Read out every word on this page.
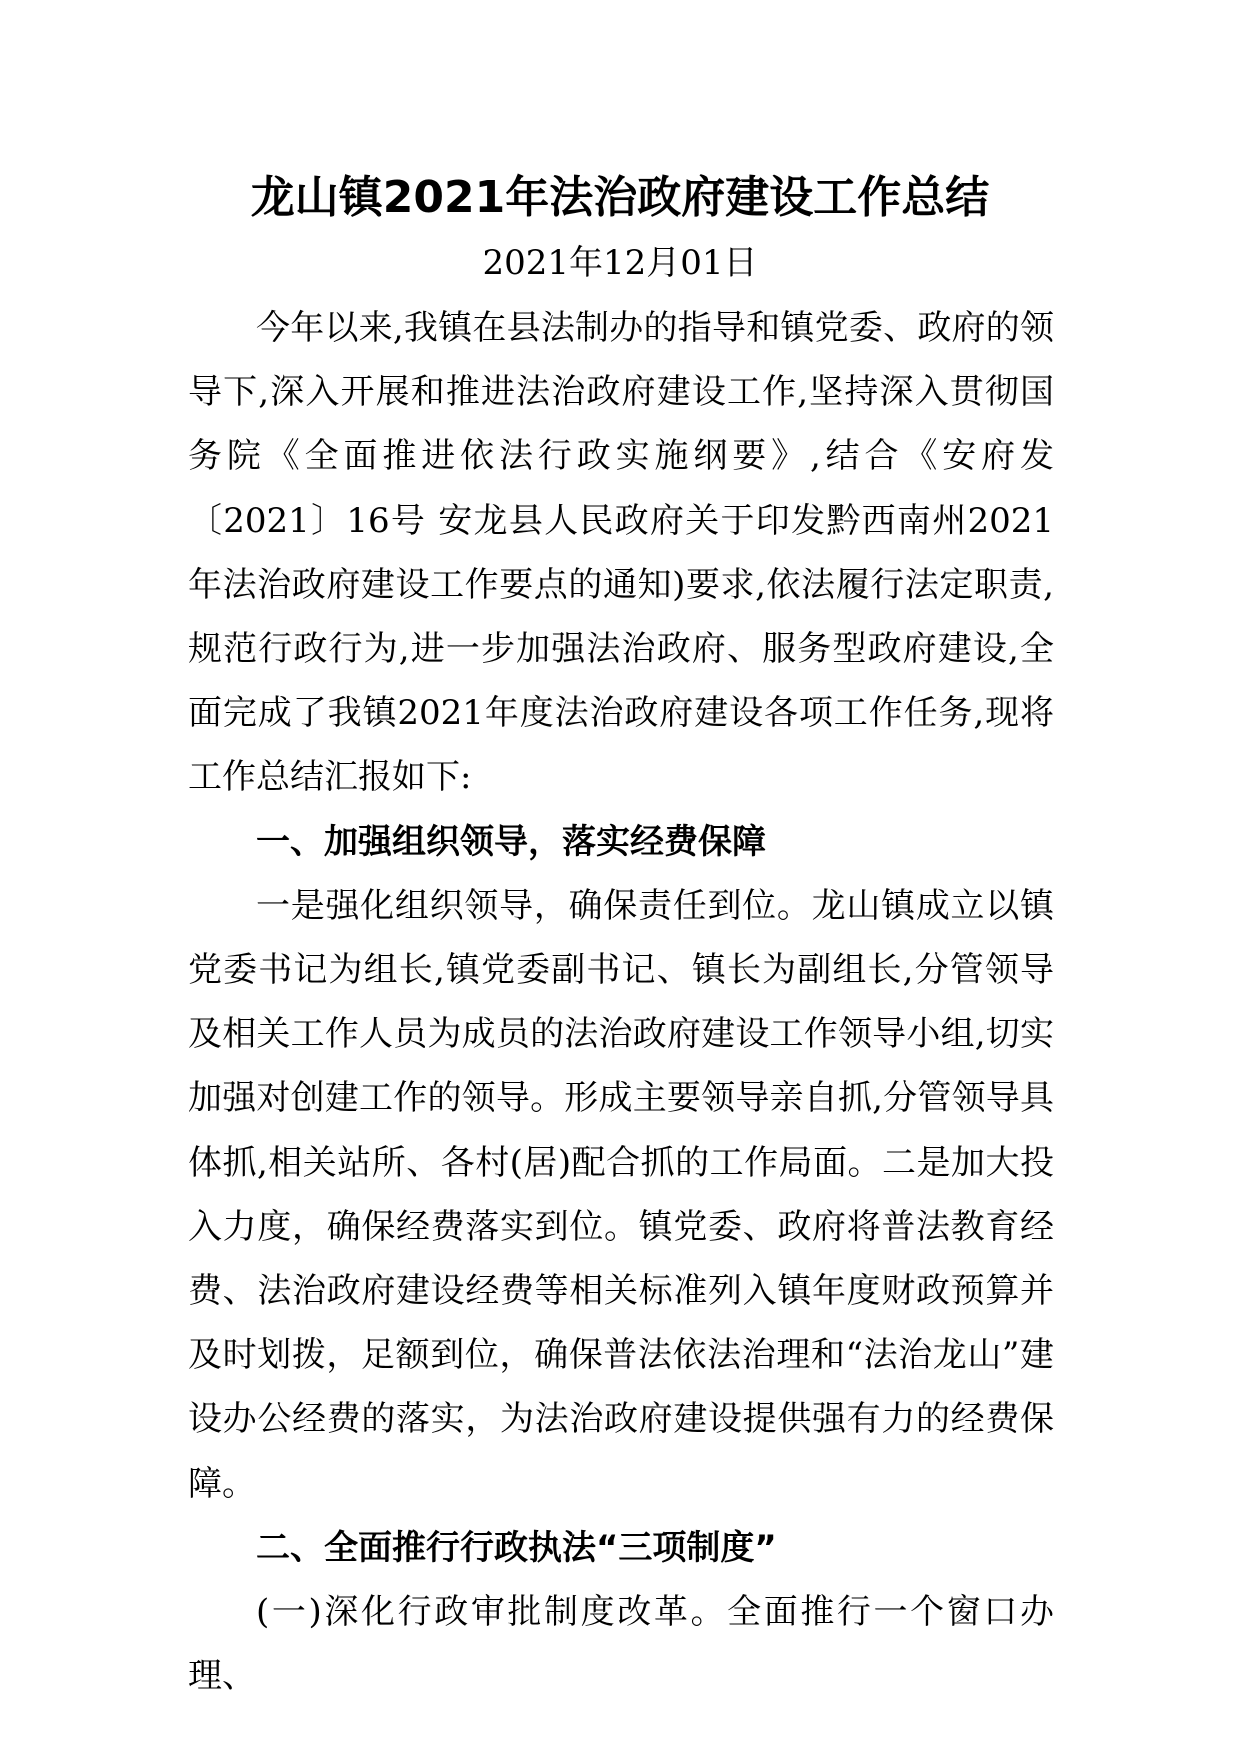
龙山镇2021年法治政府建设工作总结
2021年12月01日

今年以来,我镇在县法制办的指导和镇党委、政府的领导下,深入开展和推进法治政府建设工作,坚持深入贯彻国务院《全面推进依法行政实施纲要》,结合《安府发〔2021〕16号 安龙县人民政府关于印发黔西南州2021年法治政府建设工作要点的通知)要求,依法履行法定职责,规范行政行为,进一步加强法治政府、服务型政府建设,全面完成了我镇2021年度法治政府建设各项工作任务,现将工作总结汇报如下:

一、加强组织领导，落实经费保障

一是强化组织领导，确保责任到位。龙山镇成立以镇党委书记为组长,镇党委副书记、镇长为副组长,分管领导及相关工作人员为成员的法治政府建设工作领导小组,切实加强对创建工作的领导。形成主要领导亲自抓,分管领导具体抓,相关站所、各村(居)配合抓的工作局面。二是加大投入力度，确保经费落实到位。镇党委、政府将普法教育经费、法治政府建设经费等相关标准列入镇年度财政预算并及时划拨，足额到位，确保普法依法治理和“法治龙山”建设办公经费的落实，为法治政府建设提供强有力的经费保障。

二、全面推行行政执法“三项制度”

(一)深化行政审批制度改革。全面推行一个窗口办理、
